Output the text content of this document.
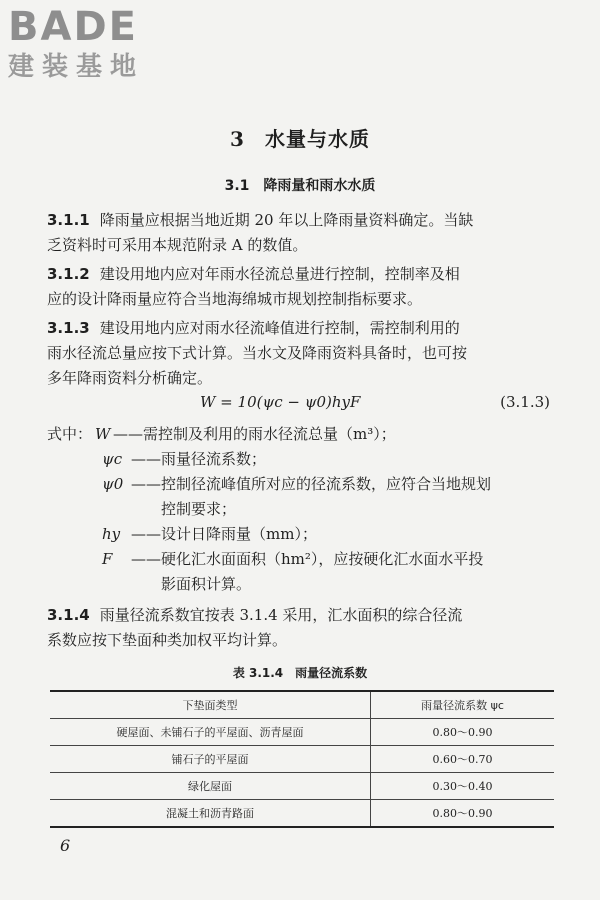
BADE
建装基地
3 水量与水质
3.1 降雨量和雨水水质
3.1.1 降雨量应根据当地近期 20 年以上降雨量资料确定。当缺
乏资料时可采用本规范附录 A 的数值。
3.1.2 建设用地内应对年雨水径流总量进行控制，控制率及相
应的设计降雨量应符合当地海绵城市规划控制指标要求。
3.1.3 建设用地内应对雨水径流峰值进行控制，需控制利用的
雨水径流总量应按下式计算。当水文及降雨资料具备时，也可按
多年降雨资料分析确定。
W = 10(ψc − ψ0)hyF	(3.1.3)
式中： W ——需控制及利用的雨水径流总量（m³）；
ψc ——雨量径流系数；
ψ0 ——控制径流峰值所对应的径流系数，应符合当地规划
控制要求；
hy ——设计日降雨量（mm）；
F ——硬化汇水面面积（hm²），应按硬化汇水面水平投
影面积计算。
3.1.4 雨量径流系数宜按表 3.1.4 采用，汇水面积的综合径流
系数应按下垫面种类加权平均计算。
表 3.1.4 雨量径流系数
下垫面类型	雨量径流系数 ψc
硬屋面、未铺石子的平屋面、沥青屋面	0.80～0.90
铺石子的平屋面	0.60～0.70
绿化屋面	0.30～0.40
混凝土和沥青路面	0.80～0.90
6
